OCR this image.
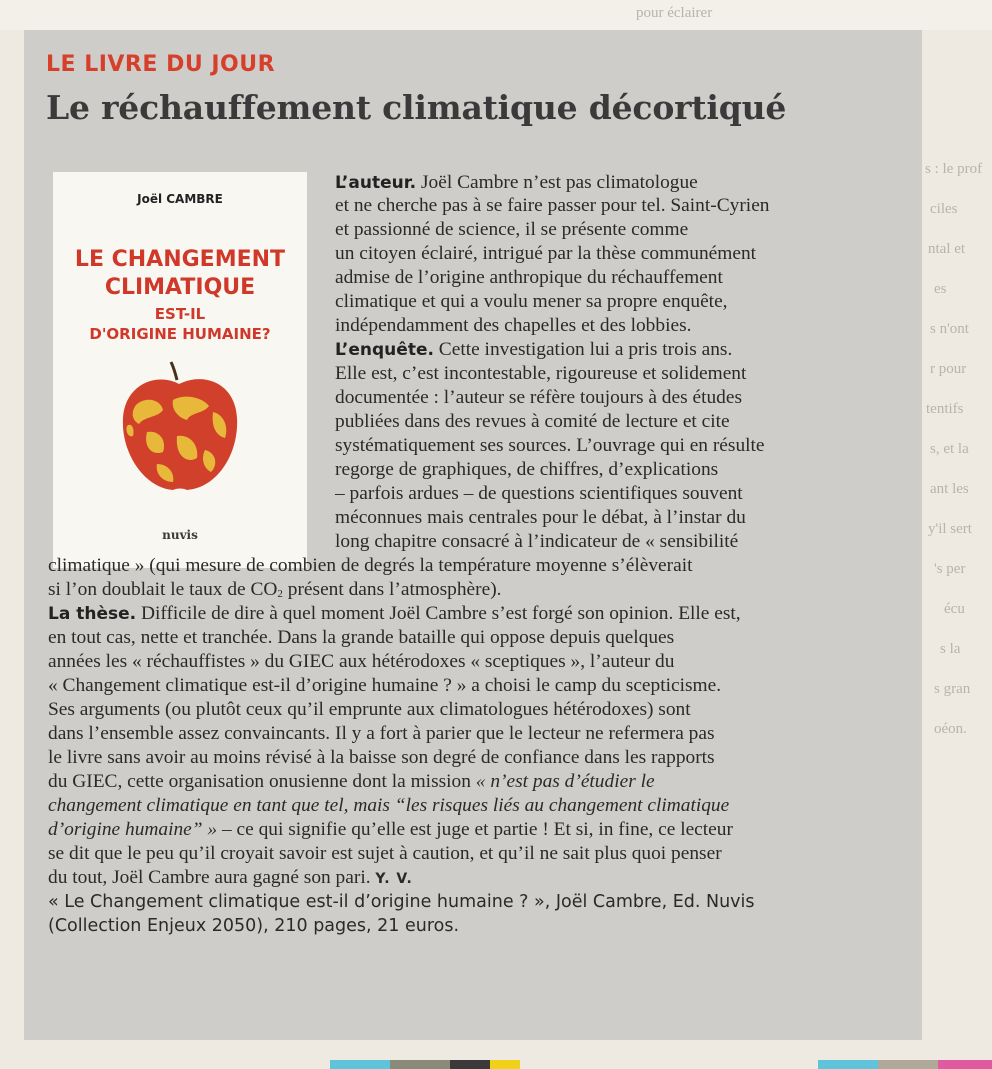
pour éclairer
s : le prof
ciles
ntal et
es
s n'ont
r pour
tentifs
s, et la
ant les
y'il sert
's per
écu
s la
s gran
oéon.
LE LIVRE DU JOUR
Le réchauffement climatique décortiqué
Joël CAMBRE
LE CHANGEMENT
CLIMATIQUE
EST-IL
D'ORIGINE HUMAINE?
nuvis
L’auteur. Joël Cambre n’est pas climatologue
et ne cherche pas à se faire passer pour tel. Saint-Cyrien
et passionné de science, il se présente comme
un citoyen éclairé, intrigué par la thèse communément
admise de l’origine anthropique du réchauffement
climatique et qui a voulu mener sa propre enquête,
indépendamment des chapelles et des lobbies.
L’enquête. Cette investigation lui a pris trois ans.
Elle est, c’est incontestable, rigoureuse et solidement
documentée : l’auteur se réfère toujours à des études
publiées dans des revues à comité de lecture et cite
systématiquement ses sources. L’ouvrage qui en résulte
regorge de graphiques, de chiffres, d’explications
– parfois ardues – de questions scientifiques souvent
méconnues mais centrales pour le débat, à l’instar du
long chapitre consacré à l’indicateur de « sensibilité
climatique » (qui mesure de combien de degrés la température moyenne s’élèverait
si l’on doublait le taux de $CO_2$ présent dans l’atmosphère).
La thèse. Difficile de dire à quel moment Joël Cambre s’est forgé son opinion. Elle est,
en tout cas, nette et tranchée. Dans la grande bataille qui oppose depuis quelques
années les « réchauffistes » du GIEC aux hétérodoxes « sceptiques », l’auteur du
« Changement climatique est-il d’origine humaine ? » a choisi le camp du scepticisme.
Ses arguments (ou plutôt ceux qu’il emprunte aux climatologues hétérodoxes) sont
dans l’ensemble assez convaincants. Il y a fort à parier que le lecteur ne refermera pas
le livre sans avoir au moins révisé à la baisse son degré de confiance dans les rapports
du GIEC, cette organisation onusienne dont la mission « n’est pas d’étudier le
changement climatique en tant que tel, mais “les risques liés au changement climatique
d’origine humaine” » – ce qui signifie qu’elle est juge et partie ! Et si, in fine, ce lecteur
se dit que le peu qu’il croyait savoir est sujet à caution, et qu’il ne sait plus quoi penser
du tout, Joël Cambre aura gagné son pari. Y. V.
« Le Changement climatique est-il d’origine humaine ? », Joël Cambre, Ed. Nuvis
(Collection Enjeux 2050), 210 pages, 21 euros.
